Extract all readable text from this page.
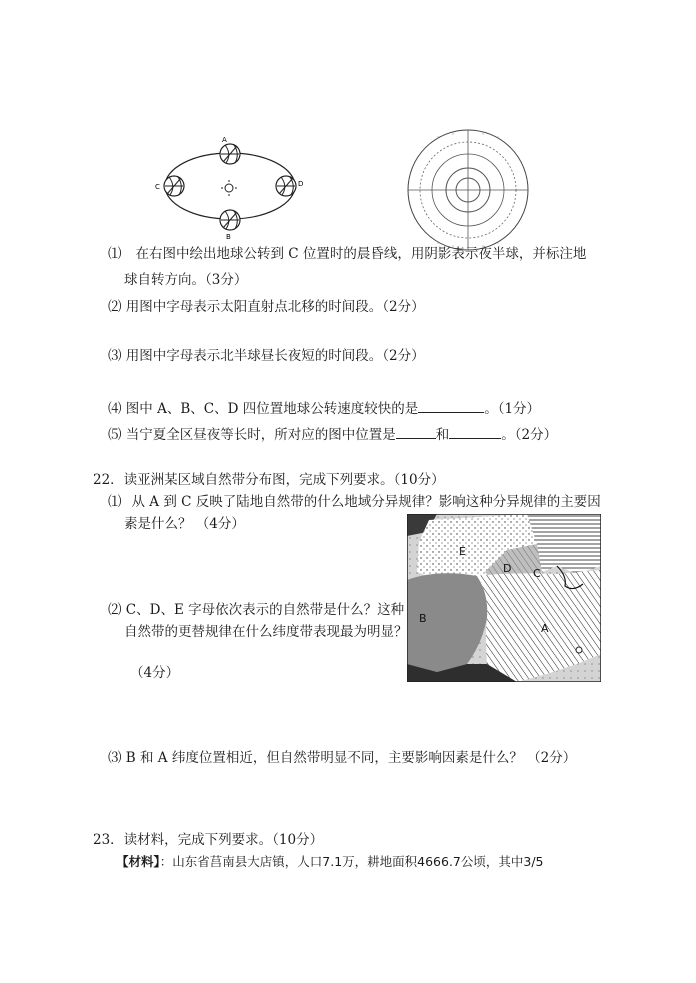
A
B
C	D
⑴ 在右图中绘出地球公转到 C 位置时的晨昏线，用阴影表示夜半球，并标注地
球自转方向。（3分）
⑵ 用图中字母表示太阳直射点北移的时间段。（2分）
⑶ 用图中字母表示北半球昼长夜短的时间段。（2分）
⑷ 图中 A、B、C、D 四位置地球公转速度较快的是	。（1分）
⑸ 当宁夏全区昼夜等长时，所对应的图中位置是	和	。（2分）
22．读亚洲某区域自然带分布图，完成下列要求。（10分）
⑴ 从 A 到 C 反映了陆地自然带的什么地域分异规律？影响这种分异规律的主要因
素是什么？ （4分）
⑵ C、D、E 字母依次表示的自然带是什么？这种
自然带的更替规律在什么纬度带表现最为明显？
（4分）
E
D C
B
A
⑶ B 和 A 纬度位置相近，但自然带明显不同，主要影响因素是什么？ （2分）
23．读材料，完成下列要求。（10分）
【材料】：山东省莒南县大店镇，人口7.1万，耕地面积4666.7公顷，其中3/5
